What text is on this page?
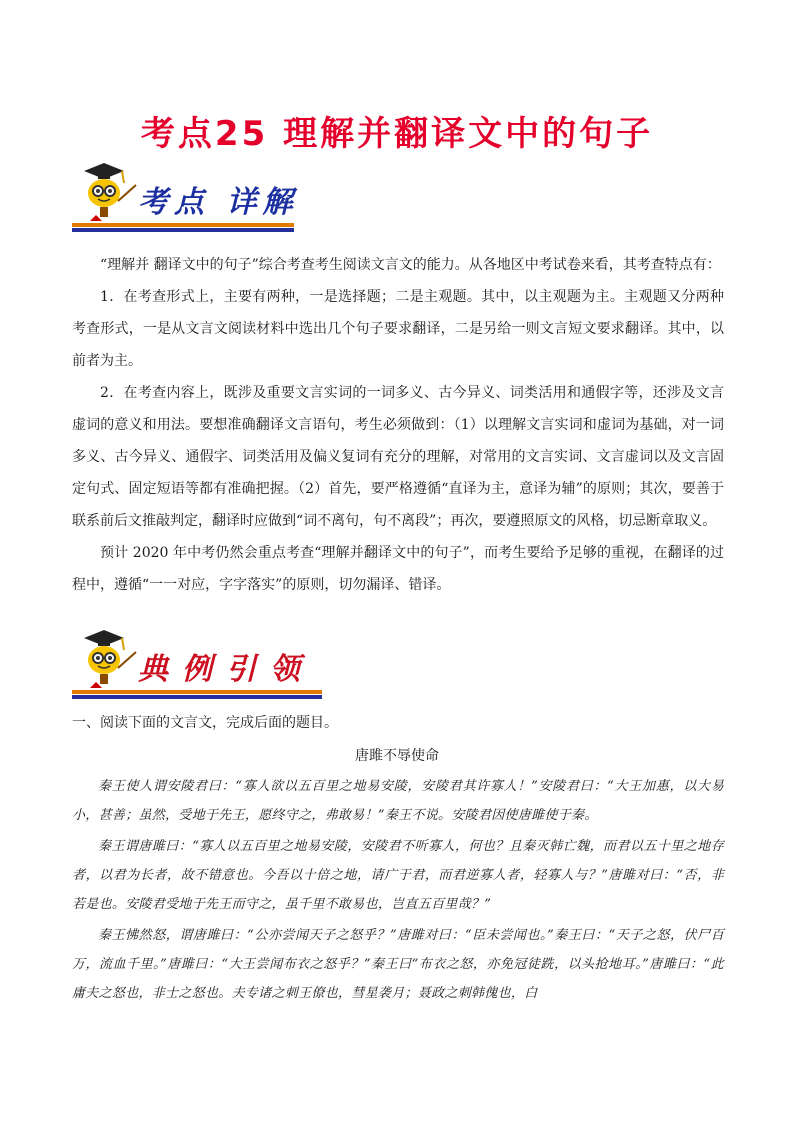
考点25 理解并翻译文中的句子
考点 详解

“理解并 翻译文中的句子”综合考查考生阅读文言文的能力。从各地区中考试卷来看，其考查特点有：

1．在考查形式上，主要有两种，一是选择题；二是主观题。其中，以主观题为主。主观题又分两种考查形式，一是从文言文阅读材料中选出几个句子要求翻译，二是另给一则文言短文要求翻译。其中，以前者为主。

2．在考查内容上，既涉及重要文言实词的一词多义、古今异义、词类活用和通假字等，还涉及文言虚词的意义和用法。要想准确翻译文言语句，考生必须做到：（1）以理解文言实词和虚词为基础，对一词多义、古今异义、通假字、词类活用及偏义复词有充分的理解，对常用的文言实词、文言虚词以及文言固定句式、固定短语等都有准确把握。（2）首先，要严格遵循“直译为主，意译为辅”的原则；其次，要善于联系前后文推敲判定，翻译时应做到“词不离句，句不离段”；再次，要遵照原文的风格，切忌断章取义。

预计 2020 年中考仍然会重点考查“理解并翻译文中的句子”，而考生要给予足够的重视，在翻译的过程中，遵循“一一对应，字字落实”的原则，切勿漏译、错译。

典例引领
一、阅读下面的文言文，完成后面的题目。
唐雎不辱使命

秦王使人谓安陵君曰：“寡人欲以五百里之地易安陵，安陵君其许寡人！”安陵君曰：“大王加惠，以大易小，甚善；虽然，受地于先王，愿终守之，弗敢易！”秦王不说。安陵君因使唐雎使于秦。

秦王谓唐雎曰：“寡人以五百里之地易安陵，安陵君不听寡人，何也？且秦灭韩亡魏，而君以五十里之地存者，以君为长者，故不错意也。今吾以十倍之地，请广于君，而君逆寡人者，轻寡人与？”唐雎对曰：“否，非若是也。安陵君受地于先王而守之，虽千里不敢易也，岂直五百里哉？”

秦王怫然怒，谓唐雎曰：“公亦尝闻天子之怒乎？”唐雎对曰：“臣未尝闻也。”秦王曰：“天子之怒，伏尸百万，流血千里。”唐雎曰：“大王尝闻布衣之怒乎？”秦王曰“布衣之怒，亦免冠徒跣，以头抢地耳。”唐雎曰：“此庸夫之怒也，非士之怒也。夫专诸之刺王僚也，彗星袭月；聂政之刺韩傀也，白
